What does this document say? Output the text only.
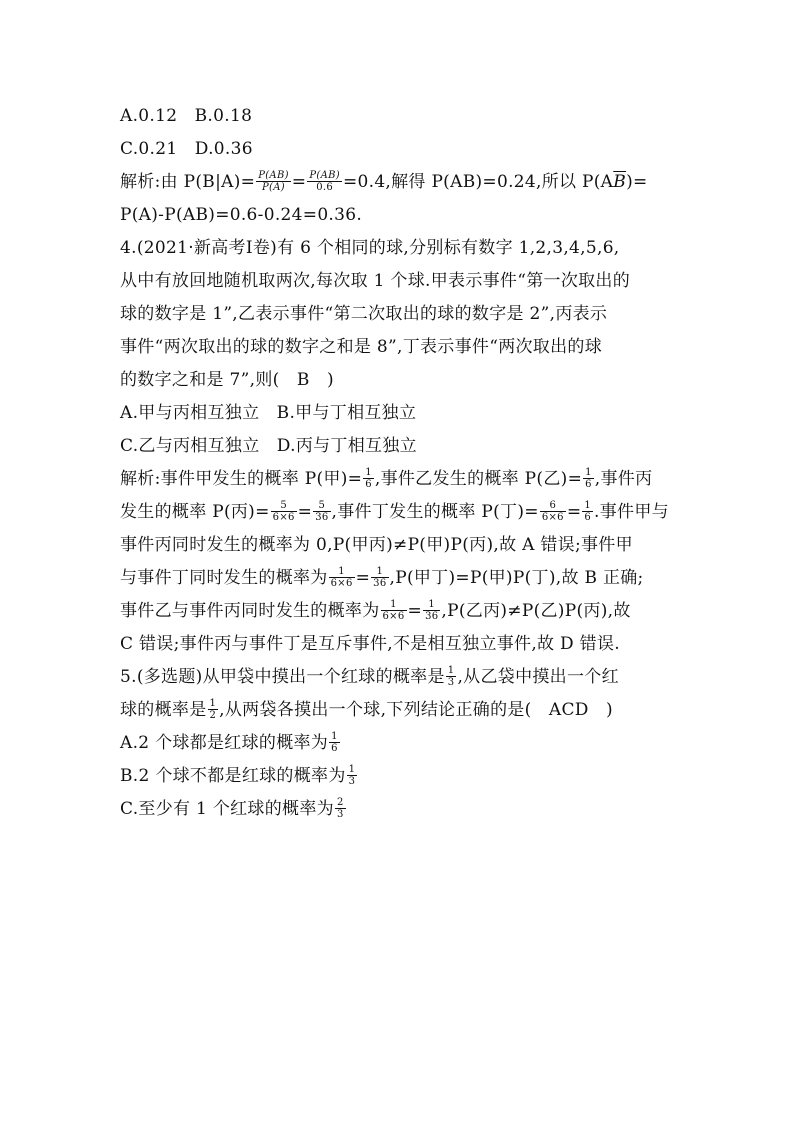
A.0.12　B.0.18
C.0.21　D.0.36
解析:由 $P(B|A)= \frac{P(AB)}{P(A)} = \frac{P(AB)}{0.6} =0.4$,解得 P(AB)=0.24,所以 $P(A\overline{B})=$
P(A)-P(AB)=0.6-0.24=0.36.
4.(2021·新高考Ⅰ卷)有 6 个相同的球,分别标有数字 1,2,3,4,5,6,
从中有放回地随机取两次,每次取 1 个球.甲表示事件“第一次取出的
球的数字是 1”,乙表示事件“第二次取出的球的数字是 2”,丙表示
事件“两次取出的球的数字之和是 8”,丁表示事件“两次取出的球
的数字之和是 7”,则(　B　)
A.甲与丙相互独立　B.甲与丁相互独立
C.乙与丙相互独立　D.丙与丁相互独立
解析:事件甲发生的概率 P(甲)= $\frac{1}{6}$ ,事件乙发生的概率 P(乙)= $\frac{1}{6}$ ,事件丙
发生的概率 P(丙)= $\frac{5}{6\times 6} = \frac{5}{36}$ ,事件丁发生的概率 P(丁)= $\frac{6}{6\times 6} = \frac{1}{6}$ .事件甲与
事件丙同时发生的概率为 0,P(甲丙)≠P(甲)P(丙),故 A 错误;事件甲
与事件丁同时发生的概率为 $\frac{1}{6\times 6} = \frac{1}{36} ,P$(甲丁)=P(甲)P(丁),故 B 正确;
事件乙与事件丙同时发生的概率为 $\frac{1}{6\times 6} = \frac{1}{36} ,P$(乙丙)≠P(乙)P(丙),故
C 错误;事件丙与事件丁是互斥事件,不是相互独立事件,故 D 错误.
5.(多选题)从甲袋中摸出一个红球的概率是 $\frac{1}{3}$ ,从乙袋中摸出一个红
球的概率是 $\frac{1}{2}$ ,从两袋各摸出一个球,下列结论正确的是(　ACD　)
A.2 个球都是红球的概率为 $\frac{1}{6}$
B.2 个球不都是红球的概率为 $\frac{1}{3}$
C.至少有 1 个红球的概率为 $\frac{2}{3}$
